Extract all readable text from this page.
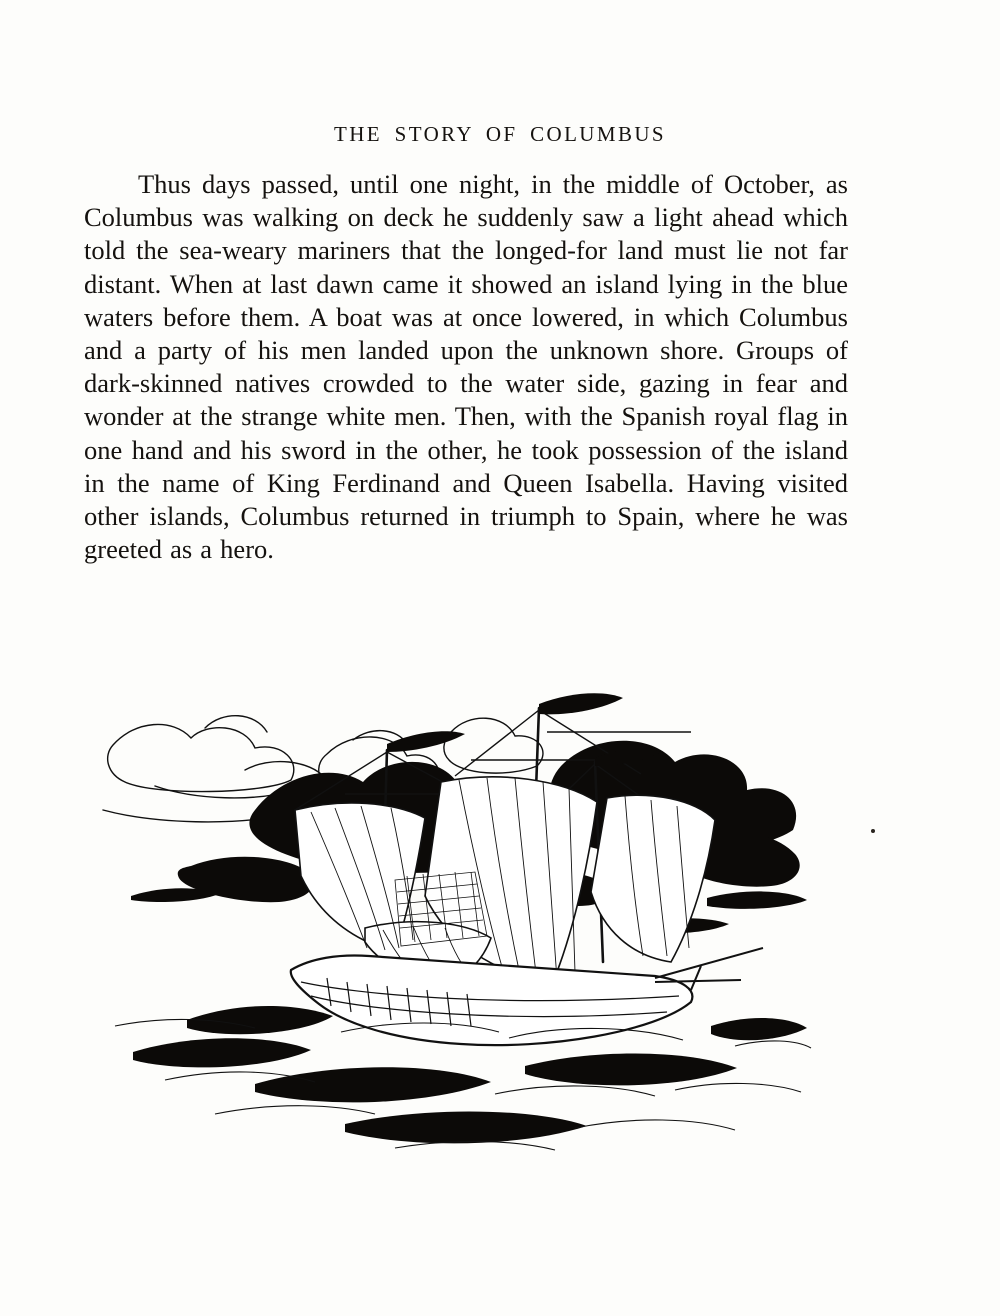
THE STORY OF COLUMBUS

Thus days passed, until one night, in the middle of October, as Columbus was walking on deck he suddenly saw a light ahead which told the sea-weary mariners that the longed-for land must lie not far distant. When at last dawn came it showed an island lying in the blue waters before them. A boat was at once lowered, in which Columbus and a party of his men landed upon the unknown shore. Groups of dark-skinned natives crowded to the water side, gazing in fear and wonder at the strange white men. Then, with the Spanish royal flag in one hand and his sword in the other, he took possession of the island in the name of King Ferdinand and Queen Isabella. Having visited other islands, Columbus returned in triumph to Spain, where he was greeted as a hero.
